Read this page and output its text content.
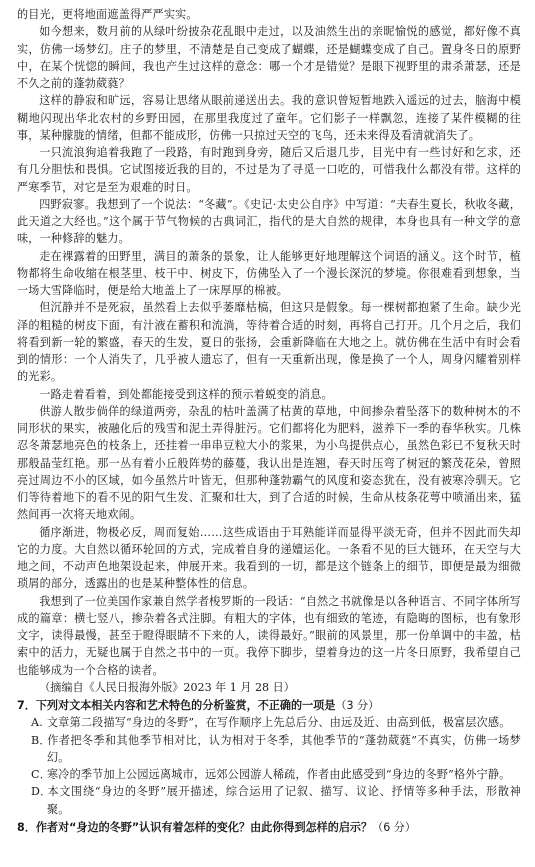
的目光，更将地面遮盖得严严实实。

如今想来，数月前的从绿叶纷披杂花乱眼中走过，以及油然生出的亲昵愉悦的感觉，都好像不真实，仿佛一场梦幻。庄子的梦里，不清楚是自己变成了蝴蝶，还是蝴蝶变成了自己。置身冬日的原野中，在某个恍惚的瞬间，我也产生过这样的意念：哪一个才是错觉？是眼下视野里的肃杀萧瑟，还是不久之前的蓬勃葳蕤？

这样的静寂和旷远，容易让思绪从眼前递送出去。我的意识曾短暂地跌入遥远的过去，脑海中模糊地闪现出华北农村的乡野田园，在那里我度过了童年。它们影子一样飘忽，连接了某件模糊的往事，某种朦胧的情绪，但都不能成形，仿佛一只掠过天空的飞鸟，还未来得及看清就消失了。

一只流浪狗追着我跑了一段路，有时跑到身旁，随后又后退几步，目光中有一些讨好和乞求，还有几分胆怯和畏惧。它试图接近我的目的，不过是为了寻觅一口吃的，可惜我什么都没有带。这样的严寒季节，对它是至为艰难的时日。

四野寂寥。我想到了一个说法：“冬藏”。《史记·太史公自序》中写道：“夫春生夏长，秋收冬藏，此天道之大经也。”这个属于节气物候的古典词汇，指代的是大自然的规律，本身也具有一种文学的意味，一种修辞的魅力。

走在裸露着的田野里，满目的萧条的景象，让人能够更好地理解这个词语的涵义。这个时节，植物都将生命收缩在根茎里、枝干中、树皮下，仿佛坠入了一个漫长深沉的梦境。你很难看到想象，当一场大雪降临时，便是给大地盖上了一床厚厚的棉被。

但沉静并不是死寂，虽然看上去似乎萎靡枯槁，但这只是假象。每一棵树都抱紧了生命。缺少光泽的粗糙的树皮下面，有汁液在蓄积和流淌，等待着合适的时刻，再将自己打开。几个月之后，我们将看到新一轮的繁盛，春天的生发，夏日的张扬，会重新降临在大地之上。就仿佛在生活中有时会看到的情形：一个人消失了，几乎被人遗忘了，但有一天重新出现，像是换了一个人，周身闪耀着别样的光彩。

一路走着看着，到处都能接受到这样的预示着蜕变的消息。

供游人散步倘佯的绿道两旁，杂乱的枯叶盖满了枯黄的草地，中间掺杂着坠落下的数种树木的不同形状的果实，被融化后的残雪和泥土弄得脏污。它们都将化为肥料，滋养下一季的春华秋实。几株忍冬萧瑟地亮色的枝条上，还挂着一串串豆粒大小的浆果，为小鸟提供点心，虽然色彩已不复秋天时那般晶莹红艳。那一丛有着小丘般阵势的藤蔓，我认出是连翘，春天时压弯了树冠的繁茂花朵，曾照亮过周边不小的区域，如今虽然片叶皆无，但那种蓬勃霸气的风度和姿态犹在，没有被寒冷驯天。它们等待着地下的看不见的阳气生发、汇聚和壮大，到了合适的时候，生命从枝条花萼中喷涌出来，猛然间再一次将天地欢闹。

循序渐进，物极必反，周而复始……这些成语由于耳熟能详而显得平淡无奇，但并不因此而失却它的力度。大自然以循环轮回的方式，完成着自身的递嬗运化。一条看不见的巨大链环，在天空与大地之间，不动声色地架设起来，伸展开来。我看到的一切，都是这个链条上的细节，即便是最为细微琐屑的部分，透露出的也是某种整体性的信息。

我想到了一位美国作家兼自然学者梭罗斯的一段话：“自然之书就像是以各种语言、不同字体所写成的篇章：横七竖八，掺杂着各式注脚。有粗大的字体，也有细致的笔迹，有隐晦的图标，也有象形文字，读得最慢，甚至于瞪得眼睛不下来的人，读得最好。”眼前的风景里，那一份单调中的丰盈，枯索中的活力，无疑也属于自然之书中的一页。我停下脚步，望着身边的这一片冬日原野，我希望自己也能够成为一个合格的读者。

（摘编自《人民日报海外版》2023 年 1 月 28 日）

7．下列对文本相关内容和艺术特色的分析鉴赏，不正确的一项是（3 分）

A. 文章第二段描写“身边的冬野”，在写作顺序上先总后分、由远及近、由高到低，极富层次感。

B．作者把冬季和其他季节相对比，认为相对于冬季，其他季节的“蓬勃葳蕤”不真实，仿佛一场梦幻。

C．寒冷的季节加上公园远离城市，远郊公园游人稀疏，作者由此感受到“身边的冬野”格外宁静。

D．本文围绕“身边的冬野”展开描述，综合运用了记叙、描写、议论、抒情等多种手法，形散神聚。

8．作者对“身边的冬野”认识有着怎样的变化？由此你得到怎样的启示？（6 分）
